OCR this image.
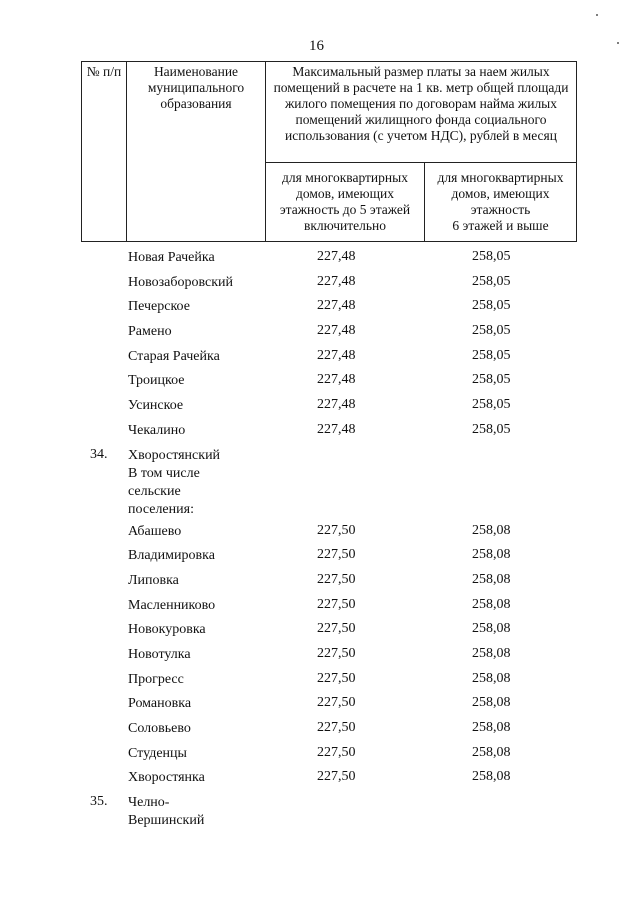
16
№ п/п	Наименование муниципального образования	Максимальный размер платы за наем жилых помещений в расчете на 1 кв. метр общей площади жилого помещения по договорам найма жилых помещений жилищного фонда социального использования (с учетом НДС), рублей в месяц	
		для многоквартирных домов, имеющих этажность до 5 этажей включительно	для многоквартирных домов, имеющих этажность
6 этажей и выше
Новая Рачейка	227,48	258,05
Новозаборовский	227,48	258,05
Печерское	227,48	258,05
Рамено	227,48	258,05
Старая Рачейка	227,48	258,05
Троицкое	227,48	258,05
Усинское	227,48	258,05
Чекалино	227,48	258,05
34. Хворостянский
В том числе
сельские
поселения:
Абашево	227,50	258,08
Владимировка	227,50	258,08
Липовка	227,50	258,08
Масленниково	227,50	258,08
Новокуровка	227,50	258,08
Новотулка	227,50	258,08
Прогресс	227,50	258,08
Романовка	227,50	258,08
Соловьево	227,50	258,08
Студенцы	227,50	258,08
Хворостянка	227,50	258,08
35. Челно-
Вершинский
